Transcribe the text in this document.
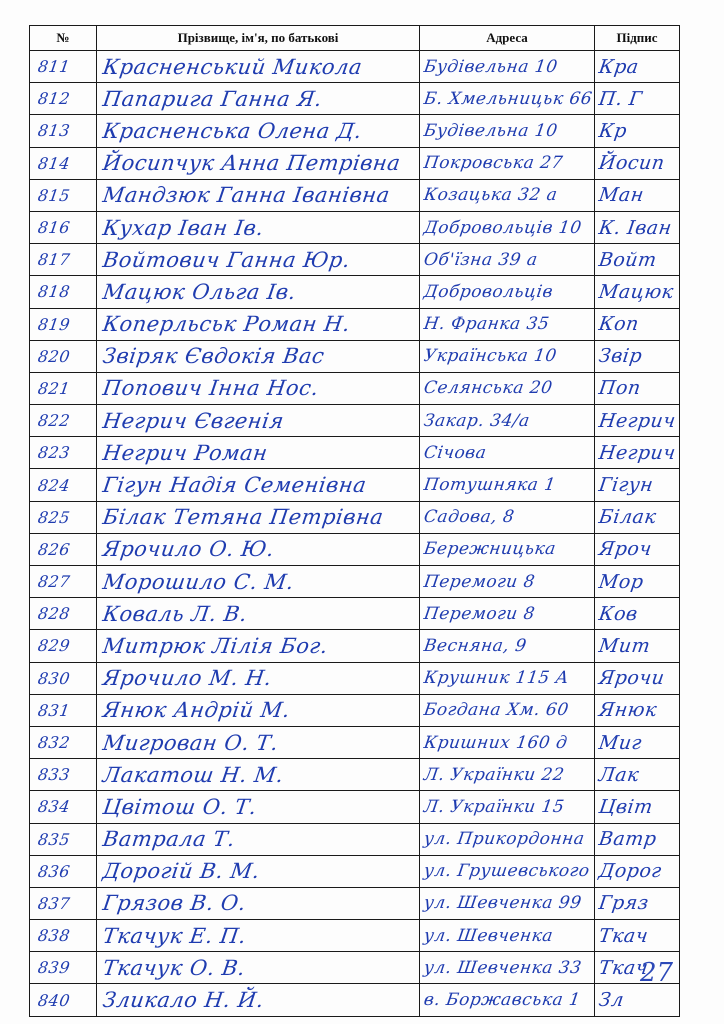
№	Прізвище, ім'я, по батькові	Адреса	Підпис

811	Красненський Микола	Будівельна 10	Кра

812	Папарига Ганна Я.	Б. Хмельницьк 66	П. Г

813	Красненська Олена Д.	Будівельна 10	Кр

814	Йосипчук Анна Петрівна	Покровська 27	Йосип

815	Мандзюк Ганна Іванівна	Козацька 32 а	Ман

816	Кухар Іван Ів.	Добровольців 10	К. Іван

817	Войтович Ганна Юр.	Об'їзна 39 а	Войт

818	Мацюк Ольга Ів.	Добровольців	Мацюк

819	Коперльськ Роман Н.	Н. Франка 35	Коп

820	Звіряк Євдокія Вас	Українська 10	Звір

821	Попович Інна Нос.	Селянська 20	Поп

822	Негрич Євгенія	Закар. 34/а	Негрич

823	Негрич Роман	Січова	Негрич

824	Гігун Надія Семенівна	Потушняка 1	Гігун

825	Білак Тетяна Петрівна	Садова, 8	Білак

826	Ярочило О. Ю.	Бережницька	Яроч

827	Морошило С. М.	Перемоги 8	Мор

828	Коваль Л. В.	Перемоги 8	Ков

829	Митрюк Лілія Бог.	Весняна, 9	Мит

830	Ярочило М. Н.	Крушник 115 А	Ярочи

831	Янюк Андрій М.	Богдана Хм. 60	Янюк

832	Мигрован О. Т.	Кришних 160 д	Миг

833	Лакатош Н. М.	Л. Українки 22	Лак

834	Цвітош О. Т.	Л. Українки 15	Цвіт

835	Ватрала Т.	ул. Прикордонна	Ватр

836	Дорогій В. М.	ул. Грушевського	Дорог

837	Грязов В. О.	ул. Шевченка 99	Гряз

838	Ткачук Е. П.	ул. Шевченка	Ткач

839	Ткачук О. В.	ул. Шевченка 33	Ткач

840	Зликало Н. Й.	в. Боржавська 1	Зл
27
